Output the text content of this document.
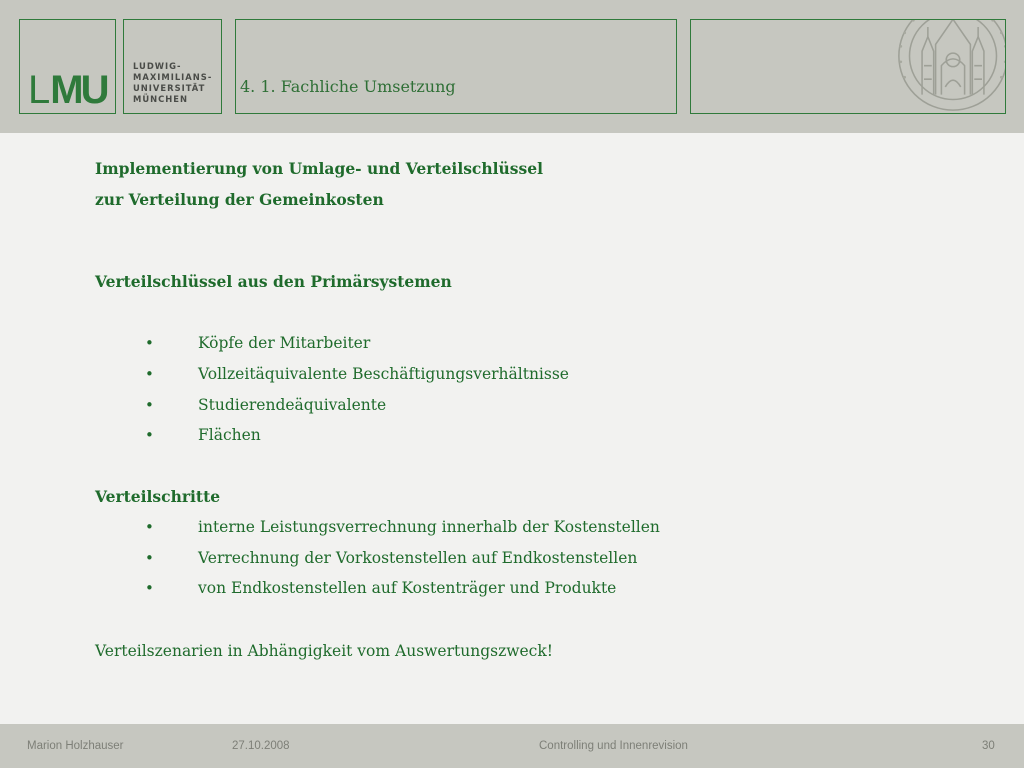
LMU
LUDWIG-
MAXIMILIANS-
UNIVERSITÄT
MÜNCHEN
4. 1. Fachliche Umsetzung
Implementierung von Umlage- und Verteilschlüssel
zur Verteilung der Gemeinkosten
Verteilschlüssel aus den Primärsystemen
•	Köpfe der Mitarbeiter
•	Vollzeitäquivalente Beschäftigungsverhältnisse
•	Studierendeäquivalente
•	Flächen
Verteilschritte
•	interne Leistungsverrechnung innerhalb der Kostenstellen
•	Verrechnung der Vorkostenstellen auf Endkostenstellen
•	von Endkostenstellen auf Kostenträger und Produkte
Verteilszenarien in Abhängigkeit vom Auswertungszweck!
Marion Holzhauser	27.10.2008	Controlling und Innenrevision	30
